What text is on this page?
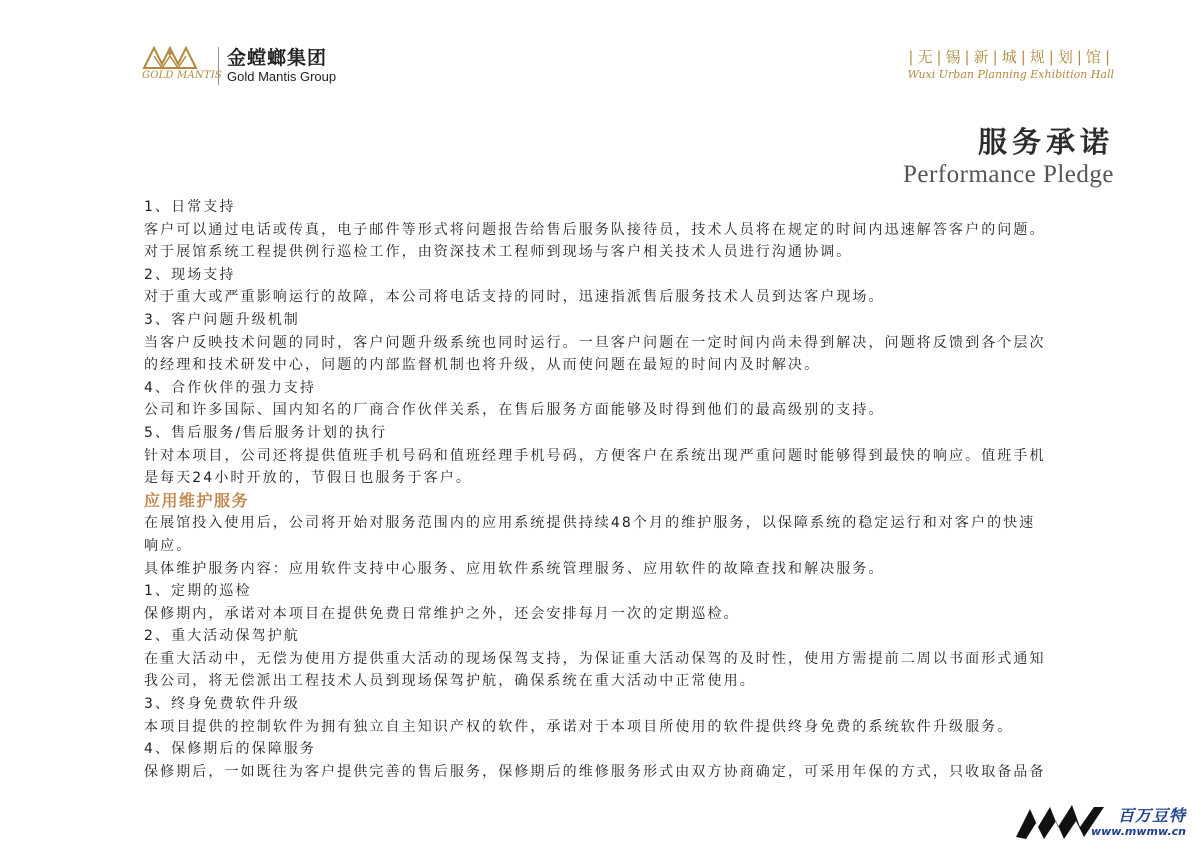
GOLD MANTIS
金螳螂集团
Gold Mantis Group
|无|锡|新|城|规|划|馆|
Wuxi Urban Planning Exhibition Hall
服务承诺
Performance Pledge
1、日常支持
客户可以通过电话或传真，电子邮件等形式将问题报告给售后服务队接待员，技术人员将在规定的时间内迅速解答客户的问题。
对于展馆系统工程提供例行巡检工作，由资深技术工程师到现场与客户相关技术人员进行沟通协调。
2、现场支持
对于重大或严重影响运行的故障，本公司将电话支持的同时，迅速指派售后服务技术人员到达客户现场。
3、客户问题升级机制
当客户反映技术问题的同时，客户问题升级系统也同时运行。一旦客户问题在一定时间内尚未得到解决，问题将反馈到各个层次
的经理和技术研发中心，问题的内部监督机制也将升级，从而使问题在最短的时间内及时解决。
4、合作伙伴的强力支持
公司和许多国际、国内知名的厂商合作伙伴关系，在售后服务方面能够及时得到他们的最高级别的支持。
5、售后服务/售后服务计划的执行
针对本项目，公司还将提供值班手机号码和值班经理手机号码，方便客户在系统出现严重问题时能够得到最快的响应。值班手机
是每天24小时开放的，节假日也服务于客户。
应用维护服务
在展馆投入使用后，公司将开始对服务范围内的应用系统提供持续48个月的维护服务，以保障系统的稳定运行和对客户的快速
响应。
具体维护服务内容：应用软件支持中心服务、应用软件系统管理服务、应用软件的故障查找和解决服务。
1、定期的巡检
保修期内，承诺对本项目在提供免费日常维护之外，还会安排每月一次的定期巡检。
2、重大活动保驾护航
在重大活动中，无偿为使用方提供重大活动的现场保驾支持，为保证重大活动保驾的及时性，使用方需提前二周以书面形式通知
我公司，将无偿派出工程技术人员到现场保驾护航，确保系统在重大活动中正常使用。
3、终身免费软件升级
本项目提供的控制软件为拥有独立自主知识产权的软件，承诺对于本项目所使用的软件提供终身免费的系统软件升级服务。
4、保修期后的保障服务
保修期后，一如既往为客户提供完善的售后服务，保修期后的维修服务形式由双方协商确定，可采用年保的方式，只收取备品备
百万豆特
www.mwmw.cn
